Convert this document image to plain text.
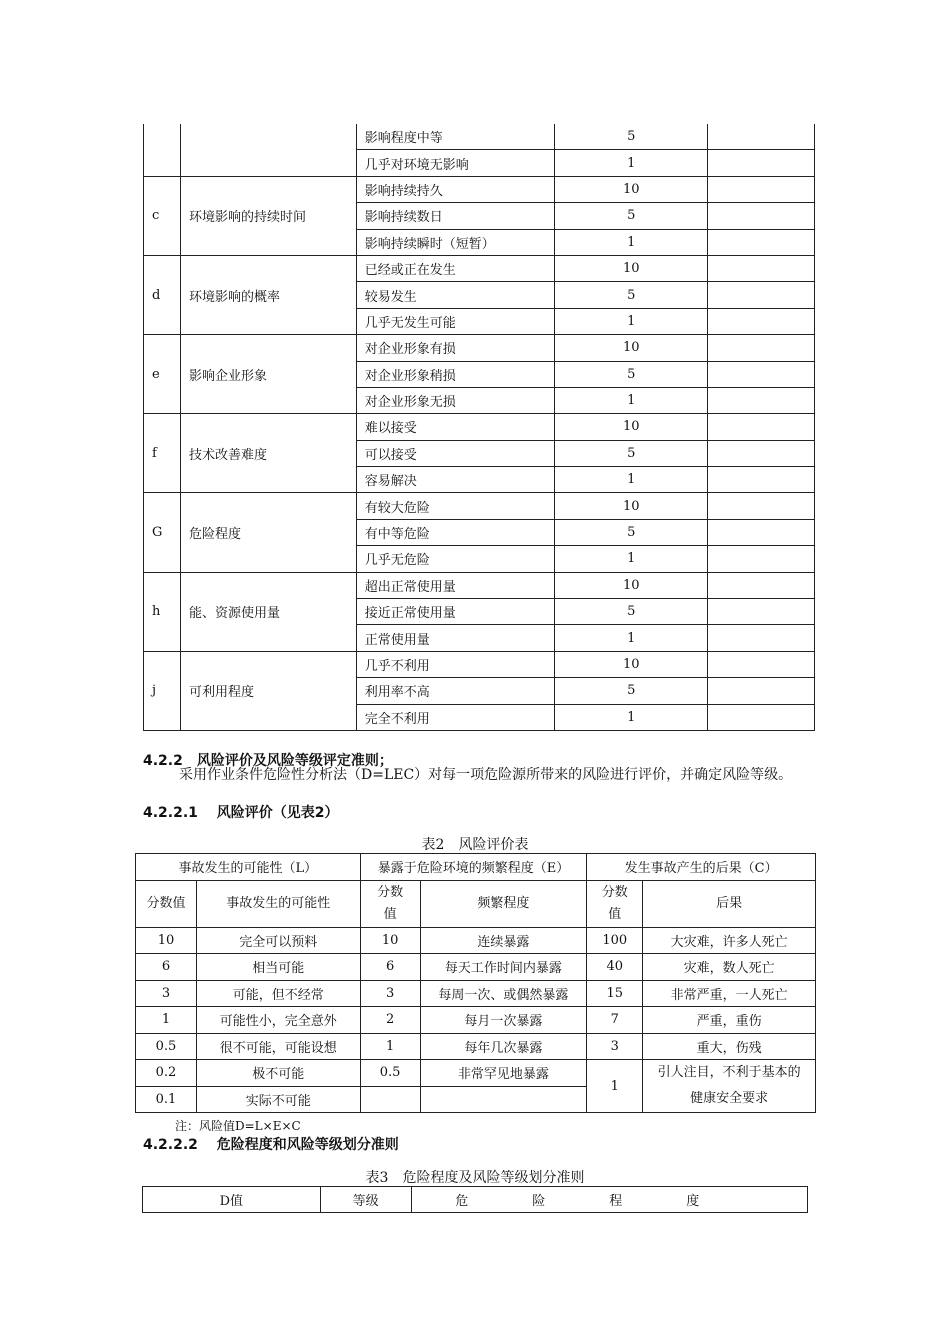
		影响程度中等	5	
		几乎对环境无影响	1	
c	环境影响的持续时间	影响持续持久	10	
		影响持续数日	5	
		影响持续瞬时（短暂）	1	
d	环境影响的概率	已经或正在发生	10	
		较易发生	5	
		几乎无发生可能	1	
e	影响企业形象	对企业形象有损	10	
		对企业形象稍损	5	
		对企业形象无损	1	
f	技术改善难度	难以接受	10	
		可以接受	5	
		容易解决	1	
G	危险程度	有较大危险	10	
		有中等危险	5	
		几乎无危险	1	
h	能、资源使用量	超出正常使用量	10	
		接近正常使用量	5	
		正常使用量	1	
j	可利用程度	几乎不利用	10	
		利用率不高	5	
		完全不利用	1	
4.2.2　风险评价及风险等级评定准则；
采用作业条件危险性分析法（D=LEC）对每一项危险源所带来的风险进行评价，并确定风险等级。
4.2.2.1　 风险评价（见表2）
表2　风险评价表
事故发生的可能性（L）		暴露于危险环境的频繁程度（E）		发生事故产生的后果（C）	
分数值	事故发生的可能性	分数值	频繁程度	分数值	后果
10	完全可以预料	10	连续暴露	100	大灾难，许多人死亡
6	相当可能	6	每天工作时间内暴露	40	灾难，数人死亡
3	可能，但不经常	3	每周一次、或偶然暴露	15	非常严重，一人死亡
1	可能性小，完全意外	2	每月一次暴露	7	严重，重伤
0.5	很不可能，可能设想	1	每年几次暴露	3	重大，伤残
0.2	极不可能	0.5	非常罕见地暴露	1	引人注目，不利于基本的
健康安全要求

0.1	实际不可能				
注：风险值D=L×E×C
4.2.2.2　 危险程度和风险等级划分准则
表3　危险程度及风险等级划分准则
D值	等级	危险程度
